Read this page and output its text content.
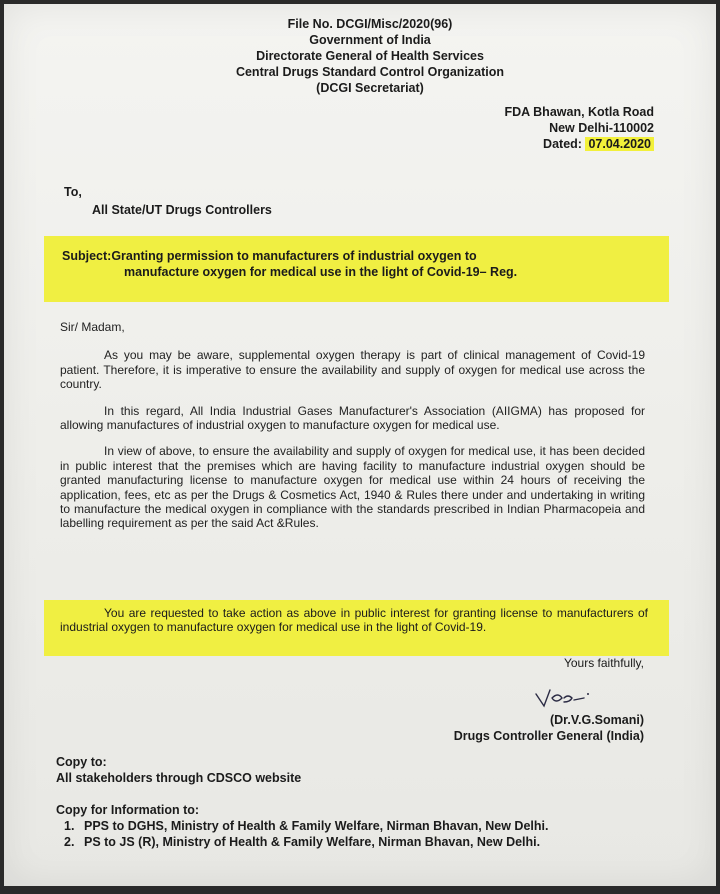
File No. DCGI/Misc/2020(96)
Government of India
Directorate General of Health Services
Central Drugs Standard Control Organization
(DCGI Secretariat)
FDA Bhawan, Kotla Road
New Delhi-110002
Dated: 07.04.2020
To,
All State/UT Drugs Controllers
Subject:Granting permission to manufacturers of industrial oxygen to
manufacture oxygen for medical use in the light of Covid-19– Reg.

Sir/ Madam,

As you may be aware, supplemental oxygen therapy is part of clinical management of Covid-19 patient. Therefore, it is imperative to ensure the availability and supply of oxygen for medical use across the country.

In this regard, All India Industrial Gases Manufacturer's Association (AIIGMA) has proposed for allowing manufactures of industrial oxygen to manufacture oxygen for medical use.

In view of above, to ensure the availability and supply of oxygen for medical use, it has been decided in public interest that the premises which are having facility to manufacture industrial oxygen should be granted manufacturing license to manufacture oxygen for medical use within 24 hours of receiving the application, fees, etc as per the Drugs & Cosmetics Act, 1940 & Rules there under and undertaking in writing to manufacture the medical oxygen in compliance with the standards prescribed in Indian Pharmacopeia and labelling requirement as per the said Act &Rules.

You are requested to take action as above in public interest for granting license to manufacturers of industrial oxygen to manufacture oxygen for medical use in the light of Covid-19.

Yours faithfully,
(Dr.V.G.Somani)
Drugs Controller General (India)
Copy to:
All stakeholders through CDSCO website
Copy for Information to:
1. PPS to DGHS, Ministry of Health & Family Welfare, Nirman Bhavan, New Delhi.
2. PS to JS (R), Ministry of Health & Family Welfare, Nirman Bhavan, New Delhi.
